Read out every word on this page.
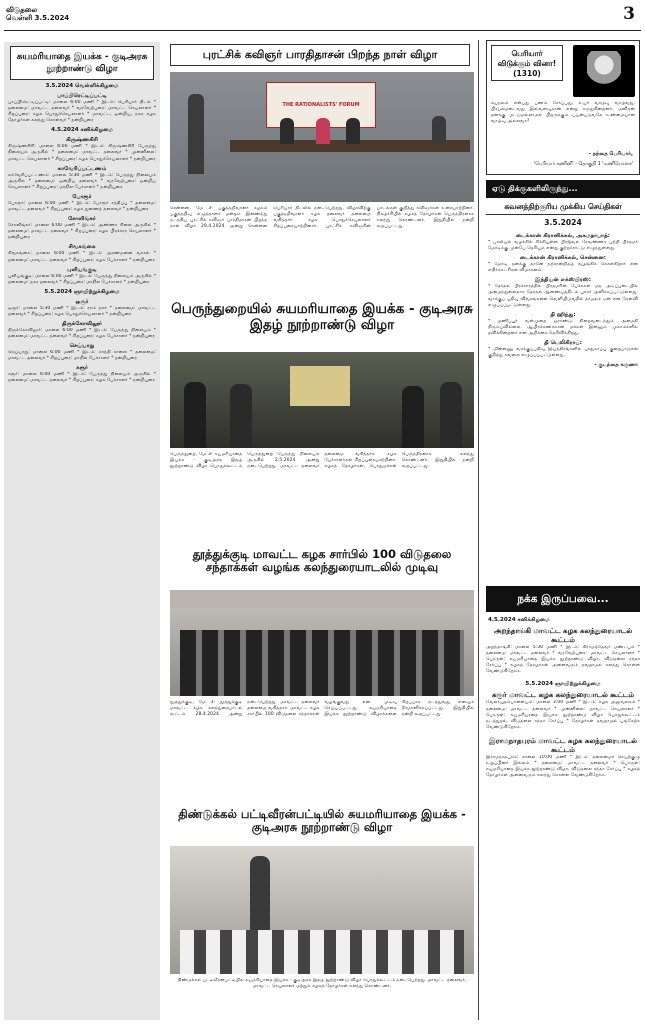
விடுதலை
வெள்ளி 3.5.2024	3
சுயமரியாதை இயக்க - குடிஅரசு நூற்றாண்டு விழா
3.5.2024 வெள்ளிக்கிழமை
பாப்பிரெட்டிப்பட்டி
பாப்பிரெட்டிப்பட்டி: மாலை 6:00 மணி * இடம்: பெரியார் திடல் * தலைமை: மாவட்ட தலைவர் * வரவேற்புரை: மாவட்ட செயலாளர் * சிறப்புரை: கழக பொதுச்செயலாளர் * மாவட்ட, ஒன்றிய, நகர கழக தோழர்கள் கலந்து கொள்வர் * நன்றியுரை
4.5.2024 சனிக்கிழமை
கிருஷ்ணகிரி
கிருஷ்ணகிரி: மாலை 6:00 மணி * இடம்: கிருஷ்ணகிரி பேருந்து நிலையம் அருகில் * தலைமை: மாவட்ட தலைவர் * முன்னிலை: மாவட்ட செயலாளர் * சிறப்புரை: கழக பொதுச்செயலாளர் * நன்றியுரை
காவேரிப்பட்டணம்
காவேரிப்பட்டணம்: மாலை 5:30 மணி * இடம்: பேருந்து நிலையம் அருகில் * தலைமை: ஒன்றிய தலைவர் * வரவேற்புரை: ஒன்றிய செயலாளர் * சிறப்புரை: மாநில பேச்சாளர் * நன்றியுரை
போரூர்
போரூர்: மாலை 6:00 மணி * இடம்: போரூர் சந்திப்பு * தலைமை: மாவட்ட தலைவர் * சிறப்புரை: கழக துணைத் தலைவர் * நன்றியுரை
சோளிங்கர்
சோளிங்கர்: மாலை 6:00 மணி * இடம்: அண்ணா சிலை அருகில் * தலைமை: மாவட்ட தலைவர் * சிறப்புரை: கழக பிரச்சார செயலாளர் * நன்றியுரை
சிவகங்கை
சிவகங்கை: மாலை 6:00 மணி * இடம்: அரண்மனை வாசல் * தலைமை: மாவட்ட தலைவர் * சிறப்புரை: கழக பேச்சாளர் * நன்றியுரை
புளியங்குடி
புளியங்குடி: மாலை 6:00 மணி * இடம்: பேருந்து நிலையம் அருகில் * தலைமை: நகர தலைவர் * சிறப்புரை: மாநில பேச்சாளர் * நன்றியுரை
5.5.2024 ஞாயிற்றுக்கிழமை
ஒசூர்
ஒசூர்: மாலை 5:30 மணி * இடம்: ராம் நகர் * தலைமை: மாவட்ட தலைவர் * சிறப்புரை: கழக பொதுச்செயலாளர் * நன்றியுரை
திருக்கோவிலூர்
திருக்கோவிலூர்: மாலை 6:00 மணி * இடம்: பேருந்து நிலையம் * தலைமை: மாவட்ட தலைவர் * சிறப்புரை: கழக பேச்சாளர் * நன்றியுரை
செய்யாறு
செய்யாறு: மாலை 6:00 மணி * இடம்: காந்தி சாலை * தலைமை: மாவட்ட தலைவர் * சிறப்புரை: மாநில பேச்சாளர் * நன்றியுரை
கரூர்
கரூர்: மாலை 6:00 மணி * இடம்: பேருந்து நிலையம் அருகில் * தலைமை: மாவட்ட தலைவர் * சிறப்புரை: கழக பேச்சாளர் * நன்றியுரை
புரட்சிக் கவிஞர் பாரதிதாசன் பிறந்த நாள் விழா
THE RATIONALISTS' FORUM
சென்னை, மே 3- பகுத்தறிவாளர் கழகம் பகுத்தறிவு எழுத்தாளர் மன்றம் இணைந்து நடத்திய புரட்சிக் கவிஞர் பாரதிதாசன் பிறந்த நாள் விழா 29.4.2024 அன்று சென்னை பெரியார் திடலில் நடைபெற்றது. விழாவிற்கு பகுத்தறிவாளர் கழக தலைவர் தலைமை வகித்தார். கழக பொதுச்செயலாளர் சிறப்புரையாற்றினார். புரட்சிக் கவிஞரின் பாடல்கள் குறித்து கவிஞர்கள் உரையாற்றினர். நிகழ்ச்சியில் கழகத் தோழர்கள் பெருந்திரளாக கலந்து கொண்டனர். இறுதியில் நன்றி கூறப்பட்டது.
பெருந்துறையில் சுயமரியாதை இயக்க - குடிஅரசு இதழ் நூற்றாண்டு விழா
பெருந்துறை, மே 3- சுயமரியாதை இயக்க - குடிஅரசு இதழ் நூற்றாண்டு விழா பொதுக்கூட்டம் பெருந்துறை பேருந்து நிலையம் அருகில் 2.5.2024 அன்று நடைபெற்றது. மாவட்ட தலைவர் தலைமை வகித்தார். கழக பேச்சாளர்கள் சிறப்புரையாற்றினர். கழகத் தோழர்கள், பொதுமக்கள் பெருந்திரளாக கலந்து கொண்டனர். இறுதியில் நன்றி கூறப்பட்டது.
தூத்துக்குடி மாவட்ட கழக சார்பில் 100 விடுதலை சந்தாக்கள் வழங்க கலந்துரையாடலில் முடிவு
தூத்துக்குடி, மே 3- தூத்துக்குடி மாவட்ட கழக கலந்துரையாடல் கூட்டம் 28.4.2024 அன்று நடைபெற்றது. மாவட்ட தலைவர் தலைமை வகித்தார். மாவட்ட கழக சார்பில் 100 விடுதலை சந்தாக்கள் வழங்குவது என முடிவு செய்யப்பட்டது. சுயமரியாதை இயக்க நூற்றாண்டு விழாக்களை சிறப்பாக நடத்துவது எனவும் தீர்மானிக்கப்பட்டது. இறுதியில் நன்றி கூறப்பட்டது.
திண்டுக்கல் பட்டிவீரன்பட்டியில் சுயமரியாதை இயக்க - குடிஅரசு நூற்றாண்டு விழா
திண்டுக்கல் பட்டிவீரன்பட்டியில் சுயமரியாதை இயக்க - குடிஅரசு இதழ் நூற்றாண்டு விழா பொதுக்கூட்டம் நடைபெற்றது. மாவட்ட தலைவர், மாவட்ட செயலாளர் மற்றும் கழகத் தோழர்கள் கலந்து கொண்டனர்.
பெரியார் விடுக்கும் வினா! (1310)
சுயநலம் என்பது பணம் சேர்ப்பது, உயர் வாழ்வு வாழ்வது, பிரபலமடைவது இவ்வளவுதான் என்று கருதுகின்றனர். மனிதன் தனக்கு மட்டுமல்லாமல் பிறருக்கும் பயன்படுவதே உண்மையான வாழ்வு அல்லவா?
- தந்தை பெரியார்,
'பெரியார் கணினி' - தொகுதி 1 'மணியோசை'
ஏடு திக்குகளிலிருந்து...
கவனத்திற்குரிய முக்கிய செய்திகள்
3.5.2024
டைக்கான் கிரானிக்கல், அகமதாபாத்:
* பாலியல் வழக்கில் சிக்கியுள்ள பிரஜ்வல் ரேவண்ணா பற்றி பிரதமர் மோடிக்கு முன்பே தெரியும் என்று குற்றச்சாட்டு எழுந்துள்ளது.
டைக்கான் கிரானிக்கல், சென்னை:
* மோடி தனக்கு தானே நற்சான்றிதழ் வழங்கிக் கொள்கிறார் என எதிர்க்கட்சிகள் விமர்சனம்.
இந்தியன் எக்ஸ்பிரஸ்:
* தேர்தல் பிரச்சாரத்தில் பிரதமரின் பேச்சுகள் மத அடிப்படையில் அமைந்துள்ளதாக தேர்தல் ஆணையத்திடம் புகார் அளிக்கப்பட்டுள்ளது. வாக்குப் பதிவு விவரங்களை வெளியிடுவதில் தாமதம் ஏன் என கேள்வி எழுப்பப்பட்டுள்ளது.
தி ஹிந்து:
* மணிப்பூர் வன்முறை ஓராண்டு நிறைவடைந்தும் அமைதி திரும்பவில்லை. ஆயிரக்கணக்கான மக்கள் இன்னும் முகாம்களில் தவிக்கின்றனர் என அறிக்கை தெரிவிக்கிறது.
தி டெலிகிராப்:
* மின்னணு வாக்குப்பதிவு இயந்திரங்களில் பாதுகாப்பு குறைபாடுகள் குறித்து கவலை எழுப்பப்பட்டுள்ளது.
- குடந்தை கருணா
நக்க இருப்பவை...
4.5.2024 சனிக்கிழமை
அறந்தாங்கி மாவட்ட கழக கலந்துரையாடல் கூட்டம்
அறந்தாங்கி: மாலை 5:30 மணி * இடம்: கிராமத்தேவர் மண்டபம் * தலைமை: மாவட்ட தலைவர் * வரவேற்புரை: மாவட்ட செயலாளர் * பொருள்: சுயமரியாதை இயக்க நூற்றாண்டு விழா, விடுதலை சந்தா சேர்ப்பு * கழகத் தோழர்கள் அனைவரும் தவறாமல் கலந்து கொள்ள வேண்டுகிறோம்.
5.5.2024 ஞாயிற்றுக்கிழமை
கரூர் மாவட்ட கழக கலந்துரையாடல் கூட்டம்
வேலாயுதம்பாளையம்: மாலை 3:00 மணி * இடம்: கழக அலுவலகம் * தலைமை: மாவட்ட தலைவர் * முன்னிலை: மாவட்ட செயலாளர் * பொருள்: சுயமரியாதை இயக்க நூற்றாண்டு விழா பொதுக்கூட்டம் நடத்துதல், விடுதலை சந்தா சேர்ப்பு * தோழர்கள் தவறாமல் பங்கேற்க வேண்டுகிறோம்.
இராமநாதபுரம் மாவட்ட கழக கலந்துரையாடல் கூட்டம்
இராமநாதபுரம்: காலை 10:00 மணி * இடம்: தலைமைச் செயற்குழு உறுப்பினர் இல்லம் * தலைமை: மாவட்ட தலைவர் * பொருள்: சுயமரியாதை இயக்க நூற்றாண்டு விழா, விடுதலை சந்தா சேர்ப்பு * கழகத் தோழர்கள் அனைவரும் கலந்து கொள்ள வேண்டுகிறோம்.
